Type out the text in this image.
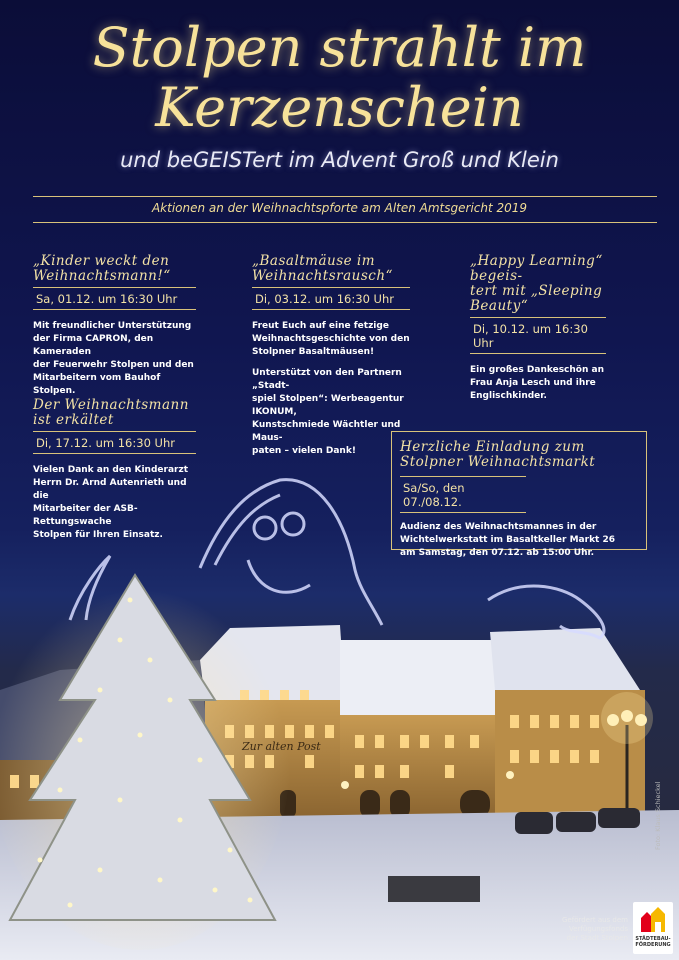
Zur alten Post
Stolpen strahlt im
Kerzenschein
und beGEISTert im Advent Groß und Klein
Aktionen an der Weihnachtspforte am Alten Amtsgericht 2019

„Kinder weckt den
Weihnachtsmann!“

Sa, 01.12. um 16:30 Uhr
Mit freundlicher Unterstützung
der Firma CAPRON, den Kameraden
der Feuerwehr Stolpen und den
Mitarbeitern vom Bauhof Stolpen.

„Basaltmäuse im
Weihnachtsrausch“

Di, 03.12. um 16:30 Uhr
Freut Euch auf eine fetzige
Weihnachtsgeschichte von den
Stolpner Basaltmäusen!
Unterstützt von den Partnern „Stadt-
spiel Stolpen“: Werbeagentur IKONUM,
Kunstschmiede Wächtler und Maus-
paten – vielen Dank!

„Happy Learning“ begeis-
tert mit „Sleeping Beauty“

Di, 10.12. um 16:30 Uhr
Ein großes Dankeschön an
Frau Anja Lesch und ihre
Englischkinder.

Der Weihnachtsmann
ist erkältet

Di, 17.12. um 16:30 Uhr
Vielen Dank an den Kinderarzt
Herrn Dr. Arnd Autenrieth und die
Mitarbeiter der ASB-Rettungswache
Stolpen für Ihren Einsatz.

Herzliche Einladung zum
Stolpner Weihnachtsmarkt

Sa/So, den 07./08.12.
Audienz des Weihnachtsmannes in der
Wichtelwerkstatt im Basaltkeller Markt 26
am Samstag, den 07.12. ab 15:00 Uhr.
Foto: Klaus Schieckel
Gefördert aus dem
Verfügungsfonds
der Stadt Stolpen	STÄDTEBAU-
FÖRDERUNG
